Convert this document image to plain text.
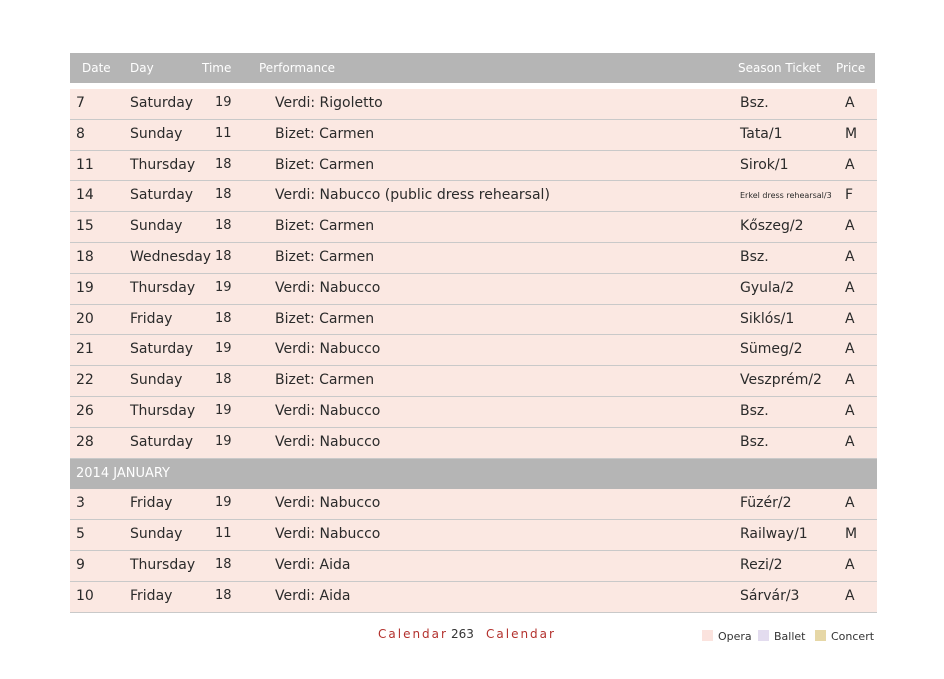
Date Day	Time Performance	Season Ticket Price
7	Saturday 19	Verdi: Rigoletto	Bsz.	A
8	Sunday	11	Bizet: Carmen	Tata/1	M
11	Thursday 18	Bizet: Carmen	Sirok/1	A
14	Saturday 18	Verdi: Nabucco (public dress rehearsal)	Erkel dress rehearsal/3 F
15	Sunday	18	Bizet: Carmen	Kőszeg/2	A
18	Wednesday 18	Bizet: Carmen	Bsz.	A
19	Thursday 19	Verdi: Nabucco	Gyula/2	A
20	Friday	18	Bizet: Carmen	Siklós/1	A
21	Saturday 19	Verdi: Nabucco	Sümeg/2	A
22	Sunday	18	Bizet: Carmen	Veszprém/2 A
26	Thursday 19	Verdi: Nabucco	Bsz.	A
28	Saturday 19	Verdi: Nabucco	Bsz.	A
2014 JANUARY
3	Friday	19	Verdi: Nabucco	Füzér/2	A
5	Sunday	11	Verdi: Nabucco	Railway/1	M
9	Thursday 18	Verdi: Aida	Rezi/2	A
10	Friday	18	Verdi: Aida	Sárvár/3	A
Calendar 263 Calendar	Opera	Ballet	Concert
